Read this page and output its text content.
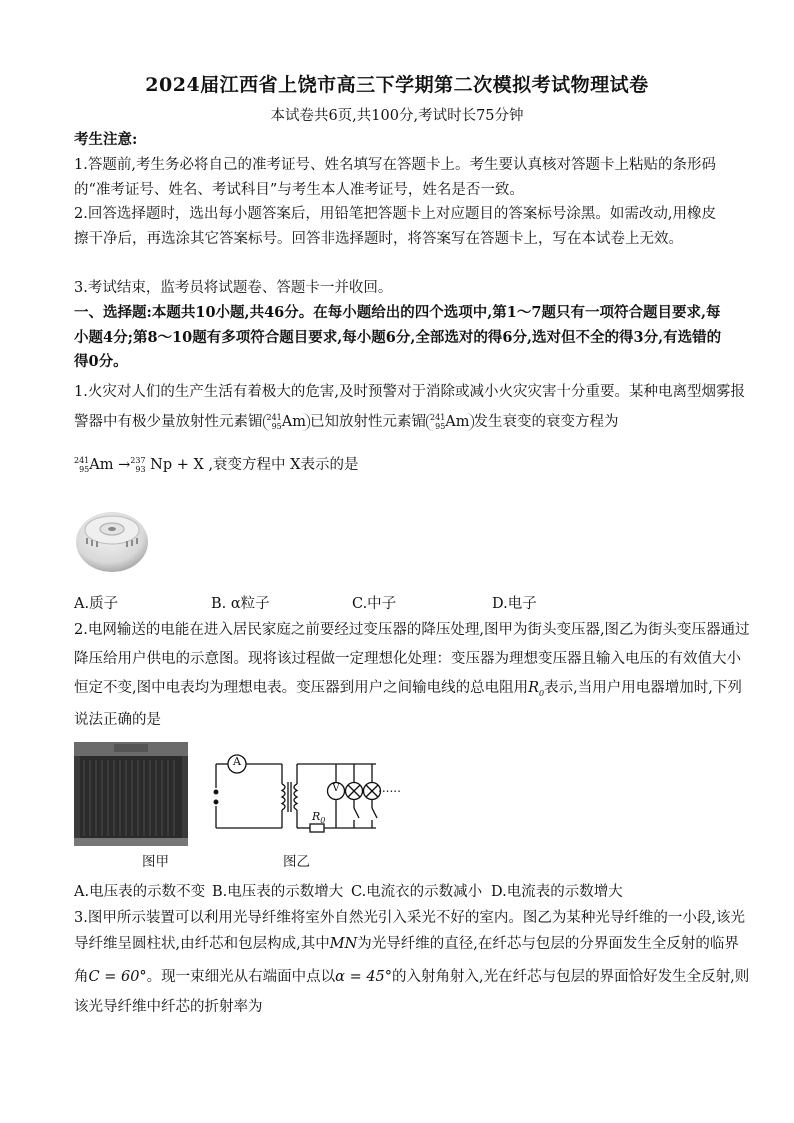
2024届江西省上饶市高三下学期第二次模拟考试物理试卷
本试卷共6页,共100分,考试时长75分钟
考生注意:
1.答题前,考生务必将自己的准考证号、姓名填写在答题卡上。考生要认真核对答题卡上粘贴的条形码的“准考证号、姓名、考试科目”与考生本人准考证号，姓名是否一致。
2.回答选择题时，选出每小题答案后，用铅笔把答题卡上对应题目的答案标号涂黑。如需改动,用橡皮擦干净后，再选涂其它答案标号。回答非选择题时，将答案写在答题卡上，写在本试卷上无效。
3.考试结束，监考员将试题卷、答题卡一并收回。
一、选择题:本题共10小题,共46分。在每小题给出的四个选项中,第1～7题只有一项符合题目要求,每小题4分;第8～10题有多项符合题目要求,每小题6分,全部选对的得6分,选对但不全的得3分,有选错的得0分。
1.火灾对人们的生产生活有着极大的危害,及时预警对于消除或减小火灾灾害十分重要。某种电离型烟雾报
警器中有极少量放射性元素镅 241
95 Am 已知放射性元素镅 241
95 Am 发生衰变的衰变方程为
241
95 Am → 237
93 Np + X ,衰变方程中 X表示的是
A.质子	B. α粒子	C.中子	D.电子
2.电网输送的电能在进入居民家庭之前要经过变压器的降压处理,图甲为街头变压器,图乙为街头变压器通过
降压给用户供电的示意图。现将该过程做一定理想化处理：变压器为理想变压器且输入电压的有效值大小
恒定不变,图中电表均为理想电表。变压器到用户之间输电线的总电阻用$R_0$表示,当用户用电器增加时,下列
说法正确的是
图甲
A
V	......
$R_0$
图乙
A.电压表的示数不变 B.电压表的示数增大 C.电流衣的示数减小 D.电流表的示数增大
3.图甲所示装置可以利用光导纤维将室外自然光引入采光不好的室内。图乙为某种光导纤维的一小段,该光
导纤维呈圆柱状,由纤芯和包层构成,其中MN为光导纤维的直径,在纤芯与包层的分界面发生全反射的临界
角C = 60°。现一束细光从右端面中点以α = 45°的入射角射入,光在纤芯与包层的界面恰好发生全反射,则
该光导纤维中纤芯的折射率为
